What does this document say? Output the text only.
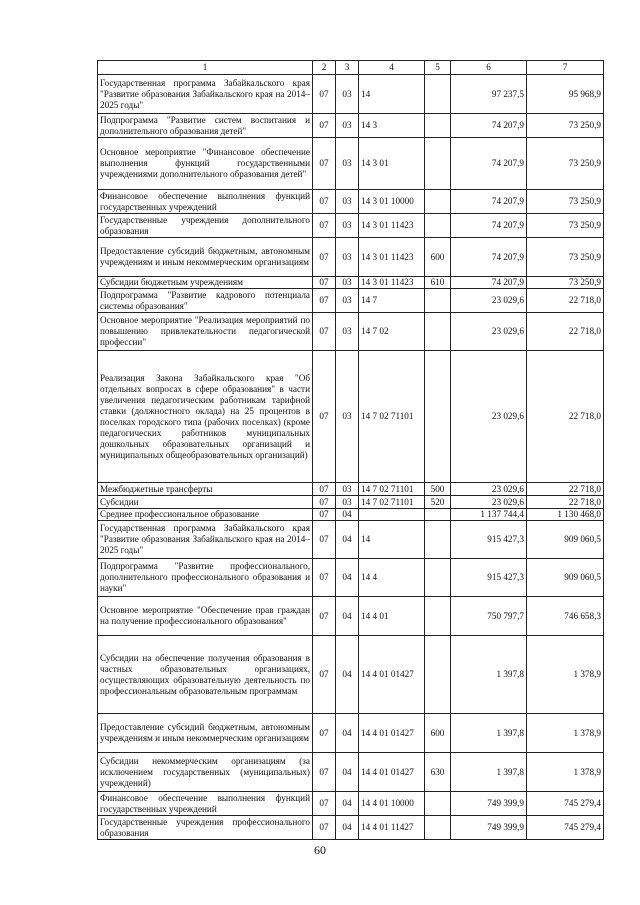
1	2	3	4	5	6	7
Государственная программа Забайкальского края "Развитие образования Забайкальского края на 2014–2025 годы"	07	03	14		97 237,5	95 968,9
Подпрограмма "Развитие систем воспитания и дополнительного образования детей"	07	03	14 3		74 207,9	73 250,9
Основное мероприятие "Финансовое обеспечение выполнения функций государственными учреждениями дополнительного образования детей"	07	03	14 3 01		74 207,9	73 250,9
Финансовое обеспечение выполнения функций государственных учреждений	07	03	14 3 01 10000		74 207,9	73 250,9
Государственные учреждения дополнительного образования	07	03	14 3 01 11423		74 207,9	73 250,9
Предоставление субсидий бюджетным, автономным учреждениям и иным некоммерческим организациям	07	03	14 3 01 11423	600	74 207,9	73 250,9
Субсидии бюджетным учреждениям	07	03	14 3 01 11423	610	74 207,9	73 250,9
Подпрограмма "Развитие кадрового потенциала системы образования"	07	03	14 7		23 029,6	22 718,0
Основное мероприятие "Реализация мероприятий по повышению привлекательности педагогической профессии"	07	03	14 7 02		23 029,6	22 718,0
Реализация Закона Забайкальского края "Об отдельных вопросах в сфере образования" в части увеличения педагогическим работникам тарифной ставки (должностного оклада) на 25 процентов в поселках городского типа (рабочих поселках) (кроме педагогических работников муниципальных дошкольных образовательных организаций и муниципальных общеобразовательных организаций)	07	03	14 7 02 71101		23 029,6	22 718,0
Межбюджетные трансферты	07	03	14 7 02 71101	500	23 029,6	22 718,0
Субсидии	07	03	14 7 02 71101	520	23 029,6	22 718,0
Среднее профессиональное образование	07	04			1 137 744,4	1 130 468,0
Государственная программа Забайкальского края "Развитие образования Забайкальского края на 2014–2025 годы"	07	04	14		915 427,3	909 060,5
Подпрограмма "Развитие профессионального, дополнительного профессионального образования и науки"	07	04	14 4		915 427,3	909 060,5
Основное мероприятие "Обеспечение прав граждан на получение профессионального образования"	07	04	14 4 01		750 797,7	746 658,3
Субсидии на обеспечение получения образования в частных образовательных организациях, осуществляющих образовательную деятельность по профессиональным образовательным программам	07	04	14 4 01 01427		1 397,8	1 378,9
Предоставление субсидий бюджетным, автономным учреждениям и иным некоммерческим организациям	07	04	14 4 01 01427	600	1 397,8	1 378,9
Субсидии некоммерческим организациям (за исключением государственных (муниципальных) учреждений)	07	04	14 4 01 01427	630	1 397,8	1 378,9
Финансовое обеспечение выполнения функций государственных учреждений	07	04	14 4 01 10000		749 399,9	745 279,4
Государственные учреждения профессионального образования	07	04	14 4 01 11427		749 399,9	745 279,4
60
